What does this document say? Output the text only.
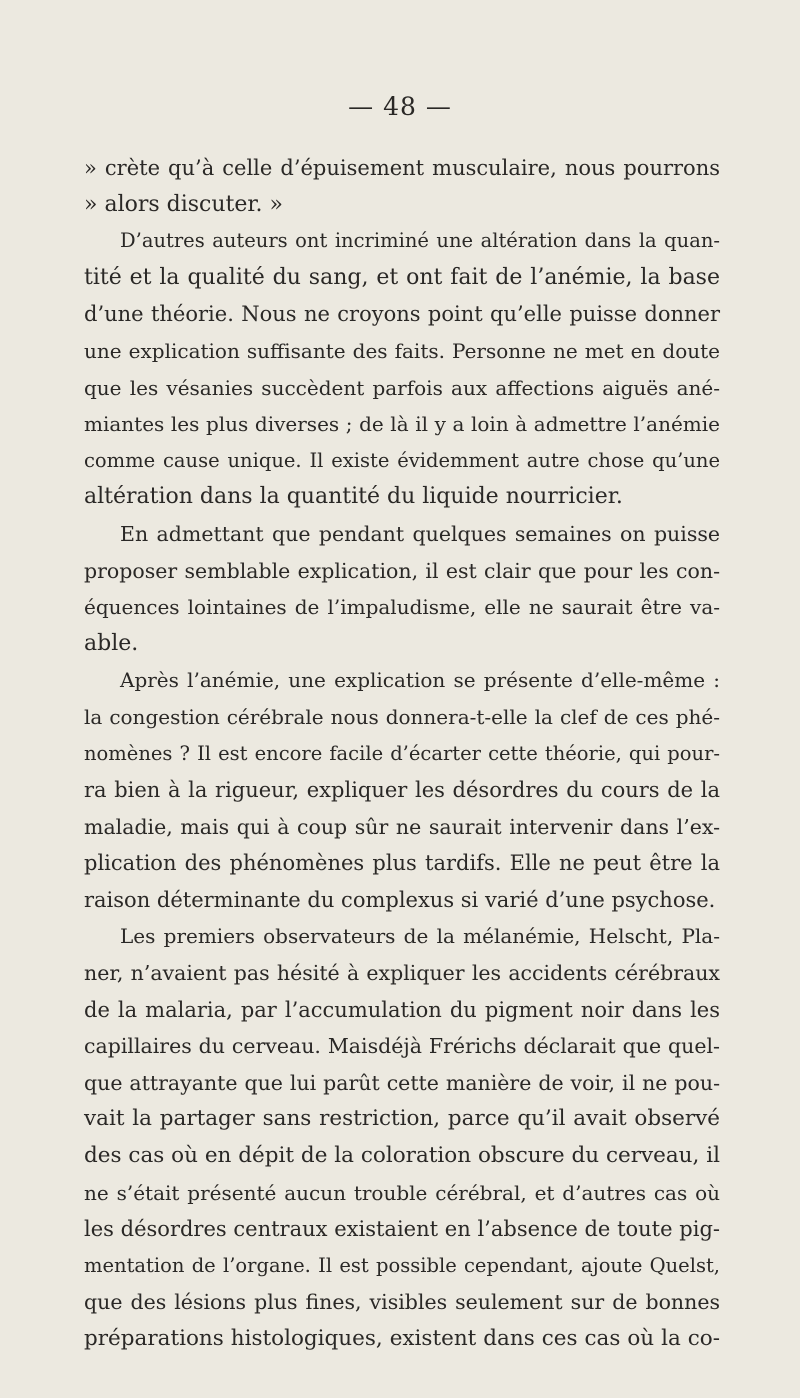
— 48 —
» crète qu’à celle d’épuisement musculaire, nous pourrons
» alors discuter. »
D’autres auteurs ont incriminé une altération dans la quan-
tité et la qualité du sang, et ont fait de l’anémie, la base
d’une théorie. Nous ne croyons point qu’elle puisse donner
une explication suffisante des faits. Personne ne met en doute
que les vésanies succèdent parfois aux affections aiguës ané-
miantes les plus diverses ; de là il y a loin à admettre l’anémie
comme cause unique. Il existe évidemment autre chose qu’une
altération dans la quantité du liquide nourricier.
En admettant que pendant quelques semaines on puisse
proposer semblable explication, il est clair que pour les con-
équences lointaines de l’impaludisme, elle ne saurait être va-
able.
Après l’anémie, une explication se présente d’elle-même :
la congestion cérébrale nous donnera-t-elle la clef de ces phé-
nomènes ? Il est encore facile d’écarter cette théorie, qui pour-
ra bien à la rigueur, expliquer les désordres du cours de la
maladie, mais qui à coup sûr ne saurait intervenir dans l’ex-
plication des phénomènes plus tardifs. Elle ne peut être la
raison déterminante du complexus si varié d’une psychose.
Les premiers observateurs de la mélanémie, Helscht, Pla-
ner, n’avaient pas hésité à expliquer les accidents cérébraux
de la malaria, par l’accumulation du pigment noir dans les
capillaires du cerveau. Maisdéjà Frérichs déclarait que quel-
que attrayante que lui parût cette manière de voir, il ne pou-
vait la partager sans restriction, parce qu’il avait observé
des cas où en dépit de la coloration obscure du cerveau, il
ne s’était présenté aucun trouble cérébral, et d’autres cas où
les désordres centraux existaient en l’absence de toute pig-
mentation de l’organe. Il est possible cependant, ajoute Quelst,
que des lésions plus fines, visibles seulement sur de bonnes
préparations histologiques, existent dans ces cas où la co-
